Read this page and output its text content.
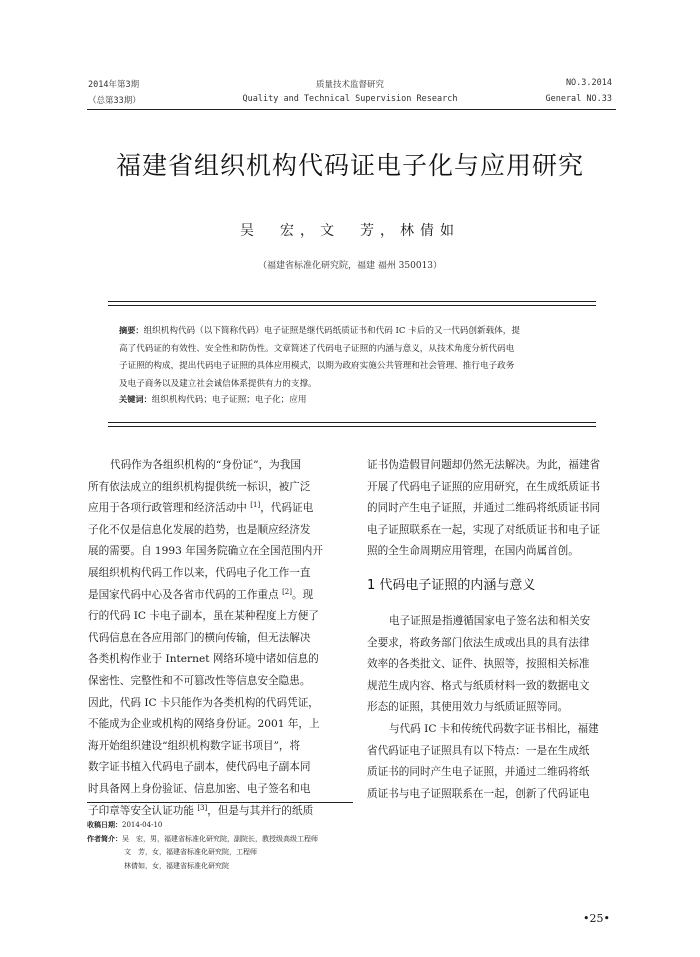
2014年第3期
（总第33期）
质量技术监督研究
Quality and Technical Supervision Research
NO.3.2014
General NO.33
福建省组织机构代码证电子化与应用研究
吴　宏，文　芳，林倩如
（福建省标准化研究院，福建 福州 350013）
摘要：组织机构代码（以下简称代码）电子证照是继代码纸质证书和代码 IC 卡后的又一代码创新载体，提
高了代码证的有效性、安全性和防伪性。文章简述了代码电子证照的内涵与意义，从技术角度分析代码电
子证照的构成，提出代码电子证照的具体应用模式，以期为政府实施公共管理和社会管理、推行电子政务
及电子商务以及建立社会诚信体系提供有力的支撑。
关键词：组织机构代码；电子证照；电子化；应用
代码作为各组织机构的“身份证”，为我国
所有依法成立的组织机构提供统一标识，被广泛
应用于各项行政管理和经济活动中 [1]，代码证电
子化不仅是信息化发展的趋势，也是顺应经济发
展的需要。自 1993 年国务院确立在全国范围内开
展组织机构代码工作以来，代码电子化工作一直
是国家代码中心及各省市代码的工作重点 [2]。现
行的代码 IC 卡电子副本，虽在某种程度上方便了
代码信息在各应用部门的横向传输，但无法解决
各类机构作业于 Internet 网络环境中诸如信息的
保密性、完整性和不可篡改性等信息安全隐患。
因此，代码 IC 卡只能作为各类机构的代码凭证，
不能成为企业或机构的网络身份证。2001 年，上
海开始组织建设“组织机构数字证书项目”，将
数字证书植入代码电子副本，使代码电子副本同
时具备网上身份验证、信息加密、电子签名和电
子印章等安全认证功能 [3]，但是与其并行的纸质
证书伪造假冒问题却仍然无法解决。为此，福建省
开展了代码电子证照的应用研究，在生成纸质证书
的同时产生电子证照，并通过二维码将纸质证书同
电子证照联系在一起，实现了对纸质证书和电子证
照的全生命周期应用管理，在国内尚属首创。
1 代码电子证照的内涵与意义
电子证照是指遵循国家电子签名法和相关安
全要求，将政务部门依法生成或出具的具有法律
效率的各类批文、证件、执照等，按照相关标准
规范生成内容、格式与纸质材料一致的数据电文
形态的证照，其使用效力与纸质证照等同。
与代码 IC 卡和传统代码数字证书相比，福建
省代码证电子证照具有以下特点：一是在生成纸
质证书的同时产生电子证照，并通过二维码将纸
质证书与电子证照联系在一起，创新了代码证电
收稿日期：2014-04-10
作者简介：吴　宏，男，福建省标准化研究院，副院长，教授级高级工程师
文　芳，女，福建省标准化研究院，工程师
林倩如，女，福建省标准化研究院
•25•
